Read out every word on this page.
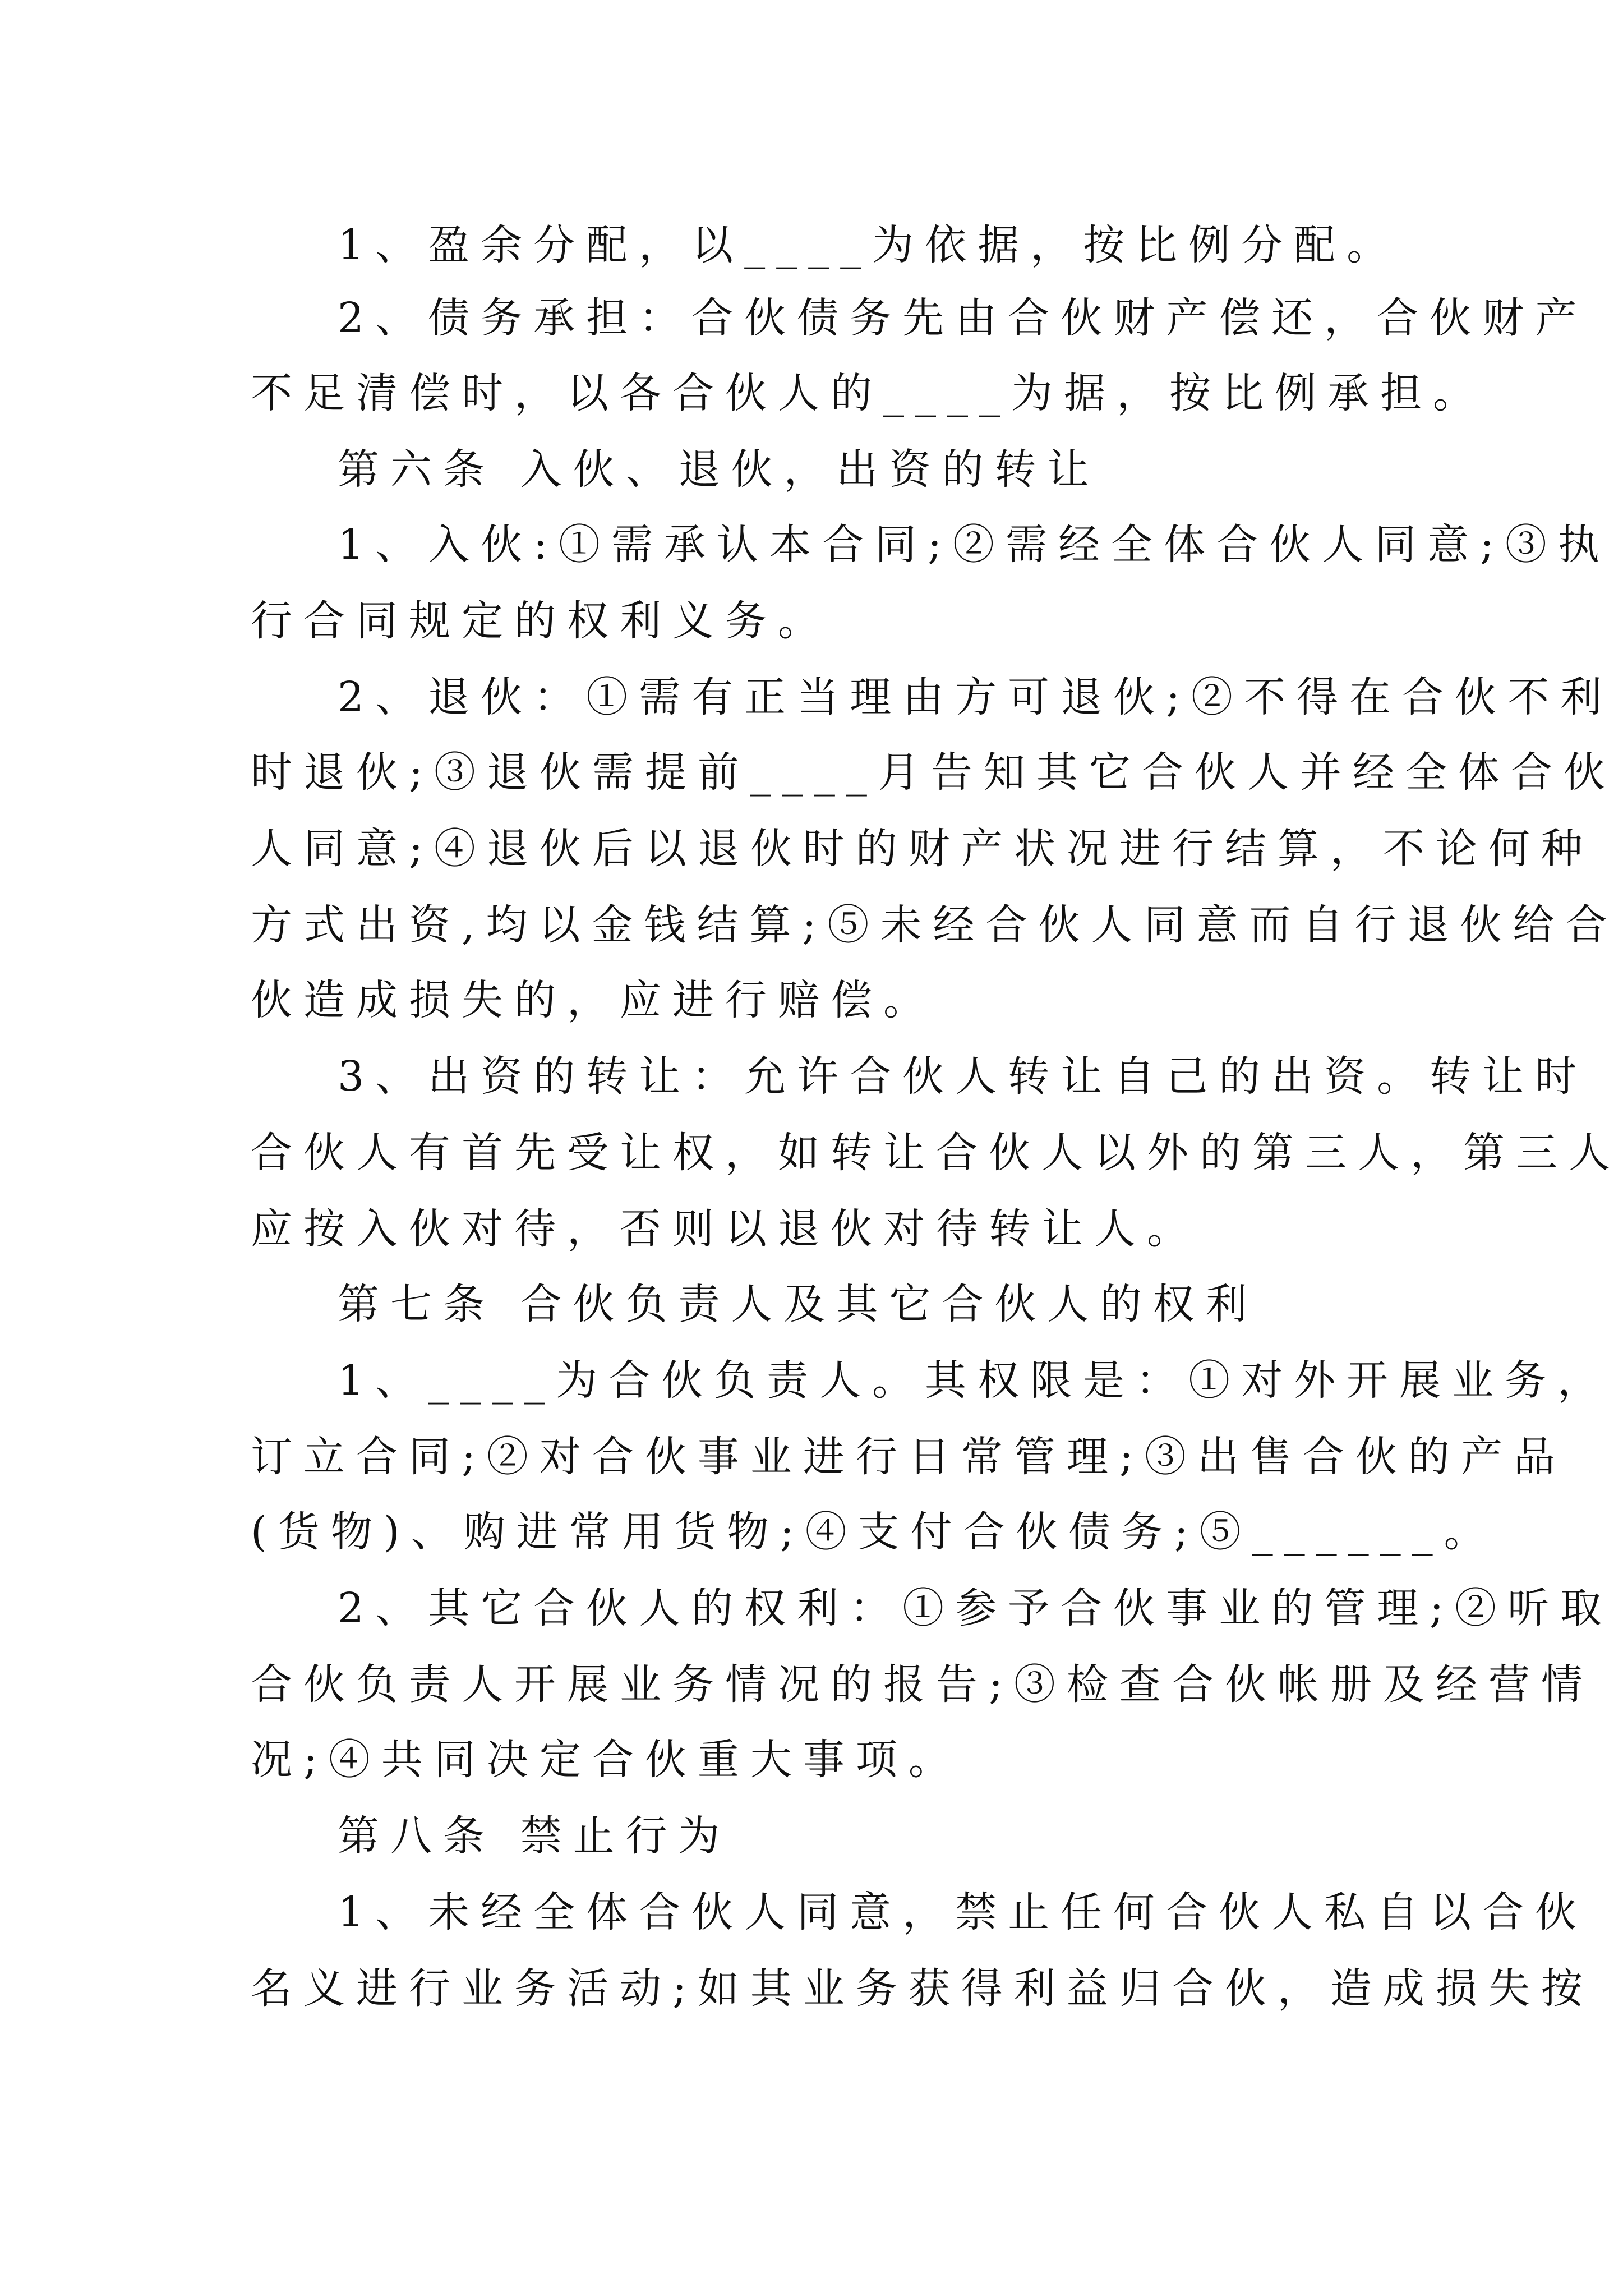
1、盈余分配，以____为依据，按比例分配。
2、债务承担：合伙债务先由合伙财产偿还，合伙财产
不足清偿时，以各合伙人的____为据，按比例承担。
第六条 入伙、退伙，出资的转让
1、入伙:①需承认本合同;②需经全体合伙人同意;③执
行合同规定的权利义务。
2、退伙：①需有正当理由方可退伙;②不得在合伙不利
时退伙;③退伙需提前____月告知其它合伙人并经全体合伙
人同意;④退伙后以退伙时的财产状况进行结算，不论何种
方式出资,均以金钱结算;⑤未经合伙人同意而自行退伙给合
伙造成损失的，应进行赔偿。
3、出资的转让：允许合伙人转让自己的出资。转让时
合伙人有首先受让权，如转让合伙人以外的第三人，第三人
应按入伙对待，否则以退伙对待转让人。
第七条 合伙负责人及其它合伙人的权利
1、____为合伙负责人。其权限是：①对外开展业务，
订立合同;②对合伙事业进行日常管理;③出售合伙的产品
(货物)、购进常用货物;④支付合伙债务;⑤______。
2、其它合伙人的权利：①参予合伙事业的管理;②听取
合伙负责人开展业务情况的报告;③检查合伙帐册及经营情
况;④共同决定合伙重大事项。
第八条 禁止行为
1、未经全体合伙人同意，禁止任何合伙人私自以合伙
名义进行业务活动;如其业务获得利益归合伙，造成损失按
